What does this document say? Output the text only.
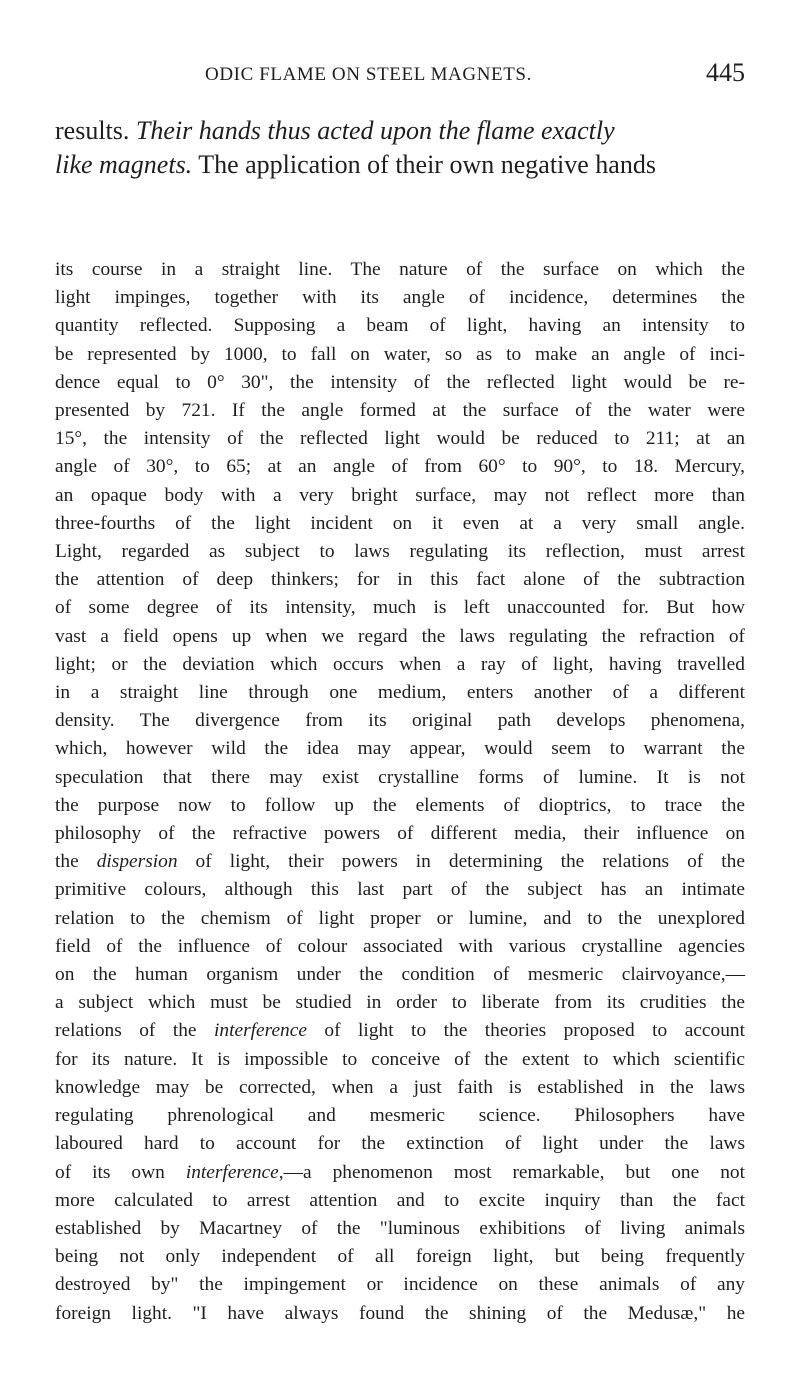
ODIC FLAME ON STEEL MAGNETS.	445
results. Their hands thus acted upon the flame exactly
like magnets. The application of their own negative hands
its course in a straight line. The nature of the surface on which the
light impinges, together with its angle of incidence, determines the
quantity reflected. Supposing a beam of light, having an intensity to
be represented by 1000, to fall on water, so as to make an angle of inci-
dence equal to 0° 30", the intensity of the reflected light would be re-
presented by 721. If the angle formed at the surface of the water were
15°, the intensity of the reflected light would be reduced to 211; at an
angle of 30°, to 65; at an angle of from 60° to 90°, to 18. Mercury,
an opaque body with a very bright surface, may not reflect more than
three-fourths of the light incident on it even at a very small angle.
Light, regarded as subject to laws regulating its reflection, must arrest
the attention of deep thinkers; for in this fact alone of the subtraction
of some degree of its intensity, much is left unaccounted for. But how
vast a field opens up when we regard the laws regulating the refraction of
light; or the deviation which occurs when a ray of light, having travelled
in a straight line through one medium, enters another of a different
density. The divergence from its original path develops phenomena,
which, however wild the idea may appear, would seem to warrant the
speculation that there may exist crystalline forms of lumine. It is not
the purpose now to follow up the elements of dioptrics, to trace the
philosophy of the refractive powers of different media, their influence on
the dispersion of light, their powers in determining the relations of the
primitive colours, although this last part of the subject has an intimate
relation to the chemism of light proper or lumine, and to the unexplored
field of the influence of colour associated with various crystalline agencies
on the human organism under the condition of mesmeric clairvoyance,—
a subject which must be studied in order to liberate from its crudities the
relations of the interference of light to the theories proposed to account
for its nature. It is impossible to conceive of the extent to which scientific
knowledge may be corrected, when a just faith is established in the laws
regulating phrenological and mesmeric science. Philosophers have
laboured hard to account for the extinction of light under the laws
of its own interference,—a phenomenon most remarkable, but one not
more calculated to arrest attention and to excite inquiry than the fact
established by Macartney of the "luminous exhibitions of living animals
being not only independent of all foreign light, but being frequently
destroyed by" the impingement or incidence on these animals of any
foreign light. "I have always found the shining of the Medusæ," he
